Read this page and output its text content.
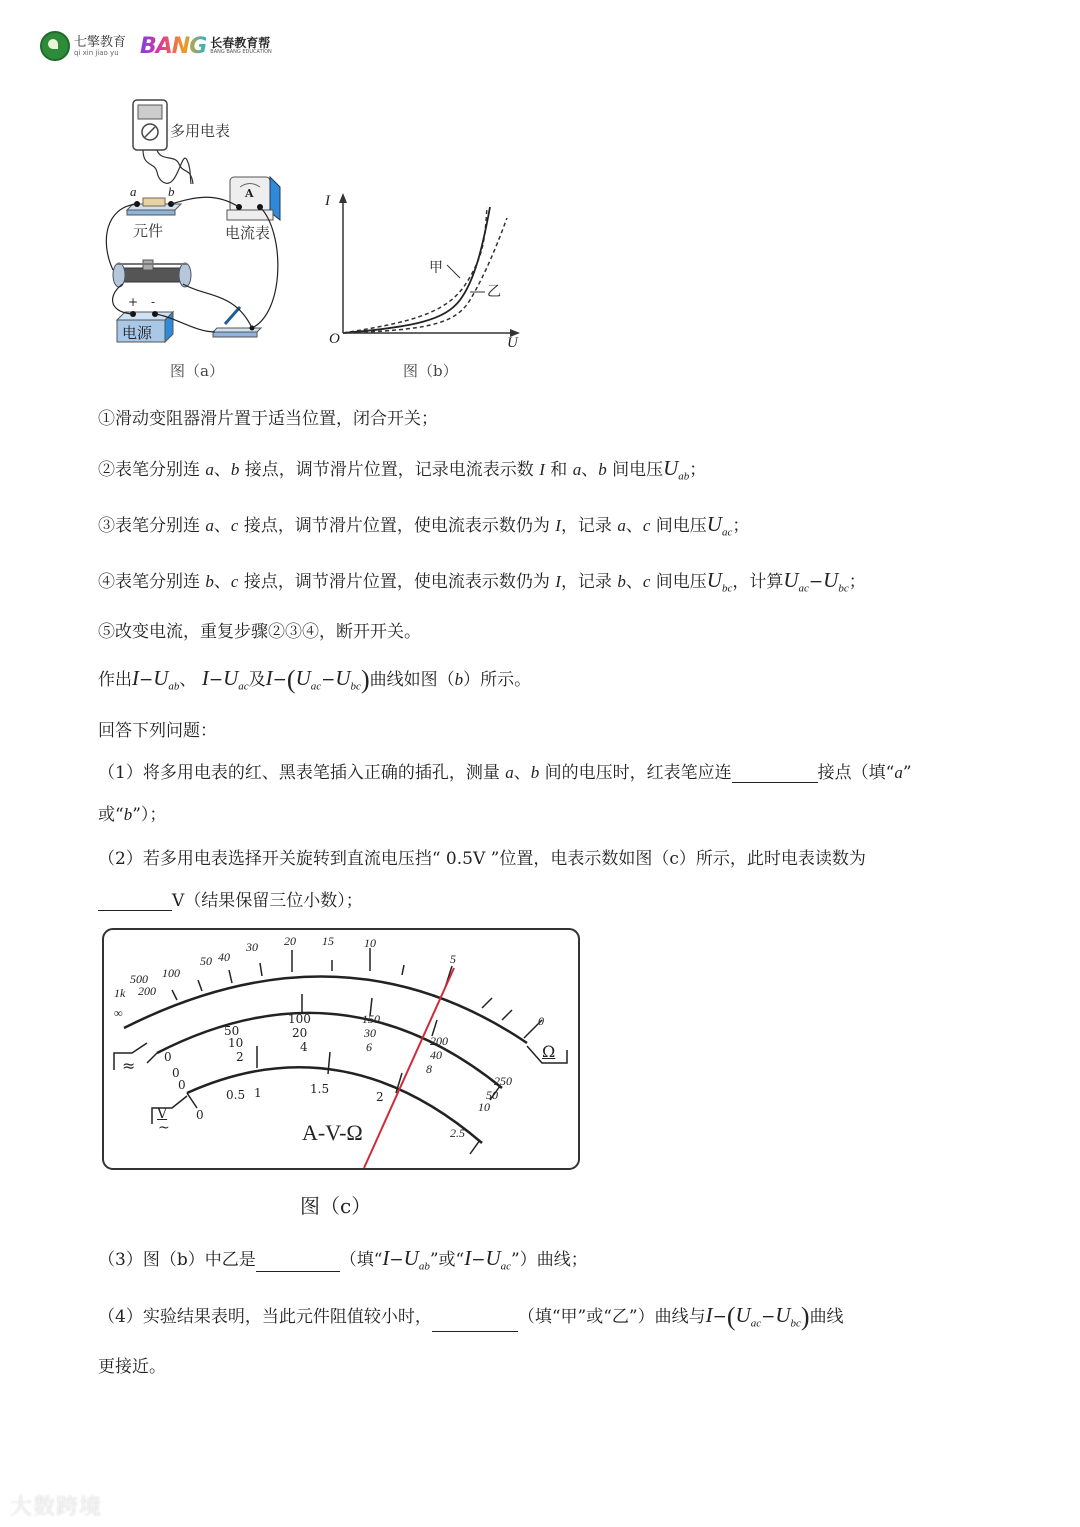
七擎教育
qi xin jiao yu BANG 长春教育帮
BANG BANG EDUCATION
多用电表
a b	A
元件	电流表
+ -
电源
图（a）
I
U
O
甲
乙
图（b）
①滑动变阻器滑片置于适当位置，闭合开关；
②表笔分别连 a、b 接点，调节滑片位置，记录电流表示数 I 和 a、b 间电压$U_{ab}$；
③表笔分别连 a、c 接点，调节滑片位置，使电流表示数仍为 I，记录 a、c 间电压$U_{ac}$；
④表笔分别连 b、c 接点，调节滑片位置，使电流表示数仍为 I，记录 b、c 间电压$U_{bc}$，计算$U_{ac}-U_{bc}$；
⑤改变电流，重复步骤②③④，断开开关。
作出$I-U_{ab}$、 $I-U_{ac}$及$I-(U_{ac}-U_{bc})$曲线如图（b）所示。
回答下列问题：
（1）将多用电表的红、黑表笔插入正确的插孔，测量 a、b 间的电压时，红表笔应连	接点（填“a”
或“b”）；
（2）若多用电表选择开关旋转到直流电压挡“ 0.5V ”位置，电表示数如图（c）所示，此时电表读数为
V（结果保留三位小数）；
≈
V
~
Ω
∞
1k
500
200
100
50 40
30 20 15	10
5
0
0
50
100	150
200
250
0
10
20	30
40
50
0
2
4	6
8
10
0
0.5 1	1.5
2
2.5
A-V-Ω
图（c）
（3）图（b）中乙是	（填“$I-U_{ab}$”或“$I-U_{ac}$”）曲线；
（4）实验结果表明，当此元件阻值较小时，	（填“甲”或“乙”）曲线与$I-(U_{ac}-U_{bc})$曲线
更接近。
大数跨境
